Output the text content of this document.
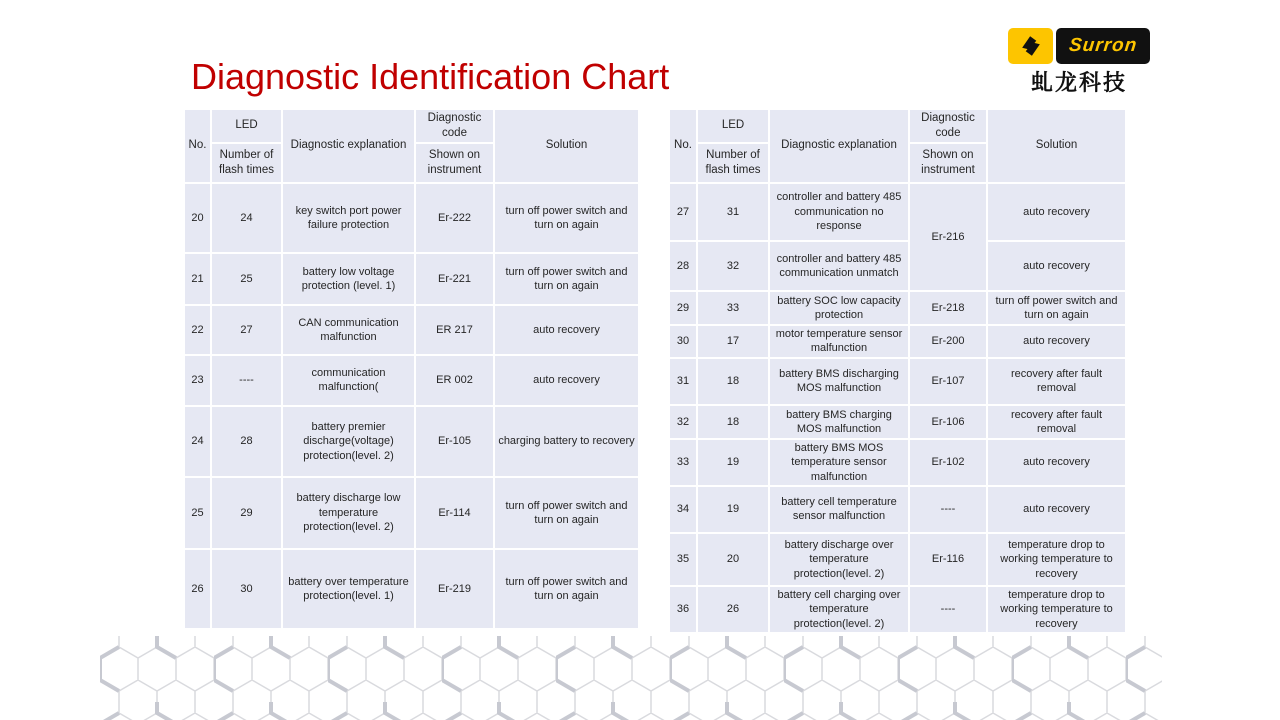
Diagnostic Identification Chart
Surron
虬龙科技
No.	LED	Diagnostic explanation	Diagnostic code	Solution
	Number of flash times		Shown on instrument	
20	24	key switch port power failure protection	Er-222	turn off power switch and turn on again
21	25	battery low voltage protection (level. 1)	Er-221	turn off power switch and turn on again
22	27	CAN communication malfunction	ER 217	auto recovery
23	----	communication malfunction(	ER 002	auto recovery
24	28	battery premier discharge(voltage) protection(level. 2)	Er-105	charging battery to recovery
25	29	battery discharge low temperature protection(level. 2)	Er-114	turn off power switch and turn on again
26	30	battery over temperature protection(level. 1)	Er-219	turn off power switch and turn on again
No.	LED	Diagnostic explanation	Diagnostic code	Solution
	Number of flash times		Shown on instrument	
27	31	controller and battery 485 communication no response	Er-216	auto recovery
28	32	controller and battery 485 communication unmatch		auto recovery
29	33	battery SOC low capacity protection	Er-218	turn off power switch and turn on again
30	17	motor temperature sensor malfunction	Er-200	auto recovery
31	18	battery BMS discharging MOS malfunction	Er-107	recovery after fault removal
32	18	battery BMS charging MOS malfunction	Er-106	recovery after fault removal
33	19	battery BMS MOS temperature sensor malfunction	Er-102	auto recovery
34	19	battery cell temperature sensor malfunction	----	auto recovery
35	20	battery discharge over temperature protection(level. 2)	Er-116	temperature drop to working temperature to recovery
36	26	battery cell charging over temperature protection(level. 2)	----	temperature drop to working temperature to recovery
